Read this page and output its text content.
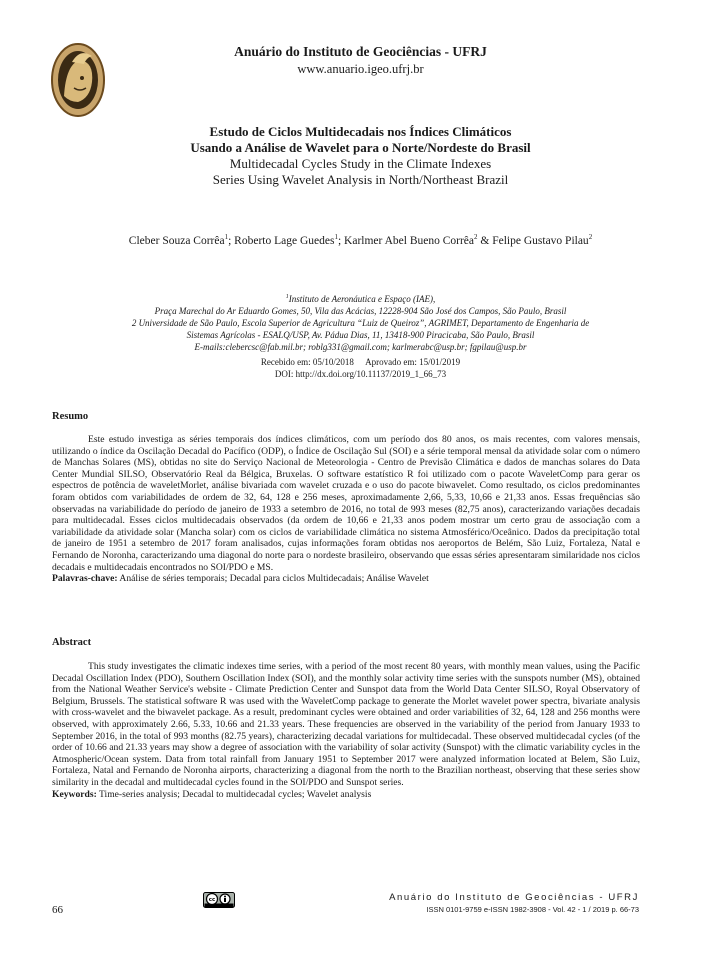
Anuário do Instituto de Geociências - UFRJ
www.anuario.igeo.ufrj.br
Estudo de Ciclos Multidecadais nos Índices Climáticos
Usando a Análise de Wavelet para o Norte/Nordeste do Brasil
Multidecadal Cycles Study in the Climate Indexes
Series Using Wavelet Analysis in North/Northeast Brazil
Cleber Souza Corrêa$^1$; Roberto Lage Guedes$^1$; Karlmer Abel Bueno Corrêa$^2$ & Felipe Gustavo Pilau$^2$
$^1$Instituto de Aeronáutica e Espaço (IAE),
Praça Marechal do Ar Eduardo Gomes, 50, Vila das Acácias, 12228-904 São José dos Campos, São Paulo, Brasil
2 Universidade de São Paulo, Escola Superior de Agricultura “Luiz de Queiroz”, AGRIMET, Departamento de Engenharia de
Sistemas Agrícolas - ESALQ/USP, Av. Pádua Dias, 11, 13418-900 Piracicaba, São Paulo, Brasil
E-mails:clebercsc@fab.mil.br; roblg331@gmail.com; karlmerabc@usp.br; fgpilau@usp.br
Recebido em: 05/10/2018 Aprovado em: 15/01/2019
DOI: http://dx.doi.org/10.11137/2019_1_66_73
Resumo

Este estudo investiga as séries temporais dos índices climáticos, com um período dos 80 anos, os mais recentes, com valores mensais, utilizando o índice da Oscilação Decadal do Pacífico (ODP), o Índice de Oscilação Sul (SOI) e a série temporal mensal da atividade solar com o número de Manchas Solares (MS), obtidas no site do Serviço Nacional de Meteorologia - Centro de Previsão Climática e dados de manchas solares do Data Center Mundial SILSO, Observatório Real da Bélgica, Bruxelas. O software estatístico R foi utilizado com o pacote WaveletComp para gerar os espectros de potência de waveletMorlet, análise bivariada com wavelet cruzada e o uso do pacote biwavelet. Como resultado, os ciclos predominantes foram obtidos com variabilidades de ordem de 32, 64, 128 e 256 meses, aproximadamente 2,66, 5,33, 10,66 e 21,33 anos. Essas frequências são observadas na variabilidade do período de janeiro de 1933 a setembro de 2016, no total de 993 meses (82,75 anos), caracterizando variações decadais para multidecadal. Esses ciclos multidecadais observados (da ordem de 10,66 e 21,33 anos podem mostrar um certo grau de associação com a variabilidade da atividade solar (Mancha solar) com os ciclos de variabilidade climática no sistema Atmosférico/Oceânico. Dados da precipitação total de janeiro de 1951 a setembro de 2017 foram analisados, cujas informações foram obtidas nos aeroportos de Belém, São Luiz, Fortaleza, Natal e Fernando de Noronha, caracterizando uma diagonal do norte para o nordeste brasileiro, observando que essas séries apresentaram similaridade nos ciclos decadais e multidecadais encontrados no SOI/PDO e MS.

Palavras-chave: Análise de séries temporais; Decadal para ciclos Multidecadais; Análise Wavelet
Abstract

This study investigates the climatic indexes time series, with a period of the most recent 80 years, with monthly mean values, using the Pacific Decadal Oscillation Index (PDO), Southern Oscillation Index (SOI), and the monthly solar activity time series with the sunspots number (MS), obtained from the National Weather Service's website - Climate Prediction Center and Sunspot data from the World Data Center SILSO, Royal Observatory of Belgium, Brussels. The statistical software R was used with the WaveletComp package to generate the Morlet wavelet power spectra, bivariate analysis with cross-wavelet and the biwavelet package. As a result, predominant cycles were obtained and order variabilities of 32, 64, 128 and 256 months were observed, with approximately 2.66, 5.33, 10.66 and 21.33 years. These frequencies are observed in the variability of the period from January 1933 to September 2016, in the total of 993 months (82.75 years), characterizing decadal variations for multidecadal. These observed multidecadal cycles (of the order of 10.66 and 21.33 years may show a degree of association with the variability of solar activity (Sunspot) with the climatic variability cycles in the Atmospheric/Ocean system. Data from total rainfall from January 1951 to September 2017 were analyzed information located at Belem, São Luiz, Fortaleza, Natal and Fernando de Noronha airports, characterizing a diagonal from the north to the Brazilian northeast, observing that these series show similarity in the decadal and multidecadal cycles found in the SOI/PDO and Sunspot series.

Keywords: Time-series analysis; Decadal to multidecadal cycles; Wavelet analysis
66
cc	Anuário do Instituto de Geociências - UFRJ
ISSN 0101-9759 e-ISSN 1982-3908 - Vol. 42 - 1 / 2019 p. 66-73
